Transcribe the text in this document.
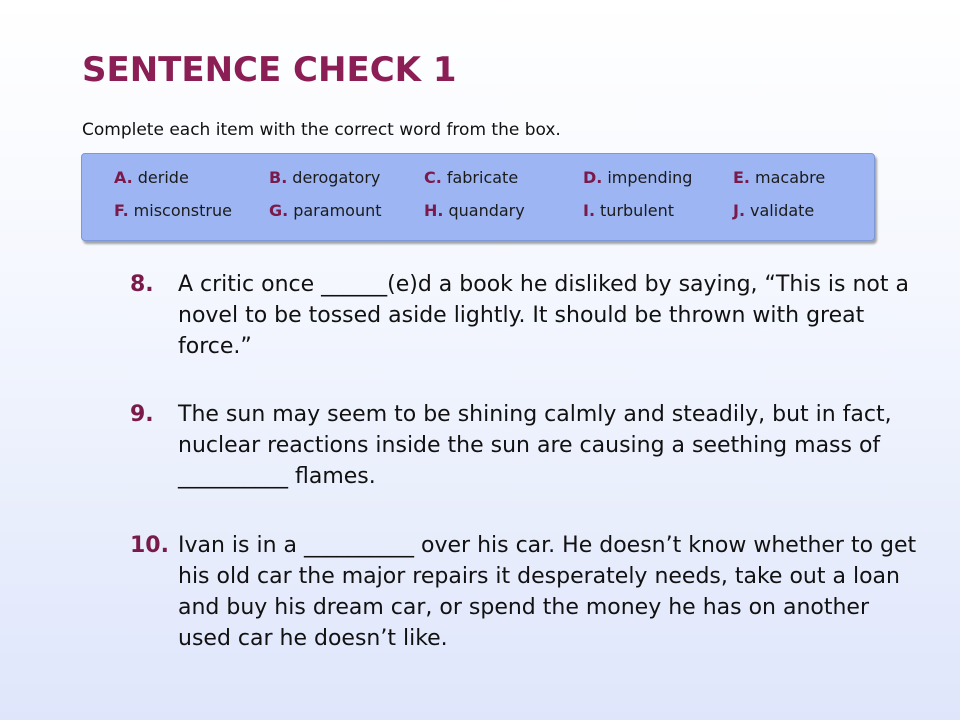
SENTENCE CHECK 1
Complete each item with the correct word from the box.
A. deride	B. derogatory	C. fabricate	D. impending	E. macabre
F. misconstrue G. paramount	H. quandary	I. turbulent	J. validate
8. A critic once ______(e)d a book he disliked by saying, “This is not a novel to be tossed aside lightly. It should be thrown with great force.”
9. The sun may seem to be shining calmly and steadily, but in fact, nuclear reactions inside the sun are causing a seething mass of __________ flames.
10. Ivan is in a __________ over his car. He doesn’t know whether to get his old car the major repairs it desperately needs, take out a loan and buy his dream car, or spend the money he has on another used car he doesn’t like.
